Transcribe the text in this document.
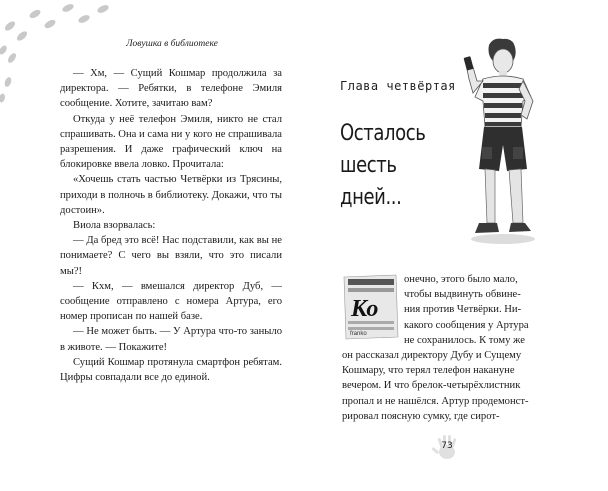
Ловушка в библиотеке

— Хм, — Сущий Кошмар продолжила за директора. — Ребятки, в телефоне Эмиля сообщение. Хотите, зачитаю вам?

Откуда у неё телефон Эмиля, никто не стал спрашивать. Она и сама ни у кого не спрашивала разрешения. И даже графический ключ на блокировке ввела ловко. Прочитала:

«Хочешь стать частью Четвёрки из Трясины, приходи в полночь в библиотеку. Докажи, что ты достоин».

Виола взорвалась:

— Да бред это всё! Нас подставили, как вы не понимаете? С чего вы взяли, что это писали мы?!

— Кхм, — вмешался директор Дуб, — сообщение отправлено с номера Артура, его номер прописан по нашей базе.

— Не может быть. — У Артура что-то заныло в животе. — Покажите!

Сущий Кошмар протянула смартфон ребятам. Цифры совпадали все до единой.

Глава четвёртая
Осталось шесть дней...
Ко
franko
онечно, этого было мало,
чтобы выдвинуть обвине-
ния против Четвёрки. Ни-
какого сообщения у Артура
не сохранилось. К тому же
он рассказал директору Дубу и Сущему
Кошмару, что терял телефон накануне
вечером. И что брелок-четырёхлистник
пропал и не нашёлся. Артур продемонст-
рировал поясную сумку, где сирот-
73
